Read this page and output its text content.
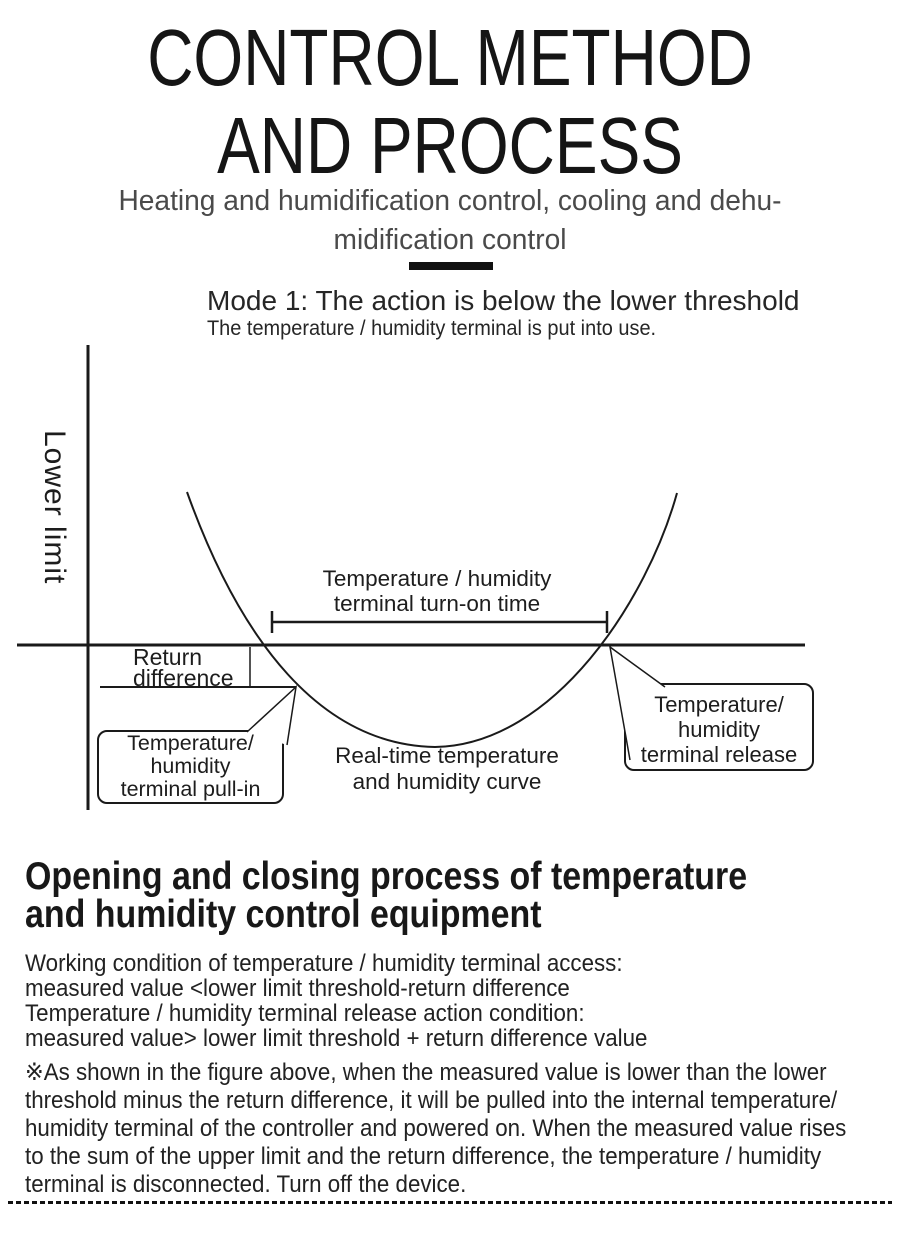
CONTROL METHOD
AND PROCESS
Heating and humidification control, cooling and dehu-
midification control
Mode 1: The action is below the lower threshold
The temperature / humidity terminal is put into use.
Lower limit	Temperature / humidity
terminal turn-on time
Return
difference
Temperature/
humidity
terminal pull-in
Temperature/
humidity
terminal release
Real-time temperature
and humidity curve
Opening and closing process of temperature
and humidity control equipment
Working condition of temperature / humidity terminal access:
measured value <lower limit threshold-return difference
Temperature / humidity terminal release action condition:
measured value> lower limit threshold + return difference value
※As shown in the figure above, when the measured value is lower than the lower
threshold minus the return difference, it will be pulled into the internal temperature/
humidity terminal of the controller and powered on. When the measured value rises
to the sum of the upper limit and the return difference, the temperature / humidity
terminal is disconnected. Turn off the device.
